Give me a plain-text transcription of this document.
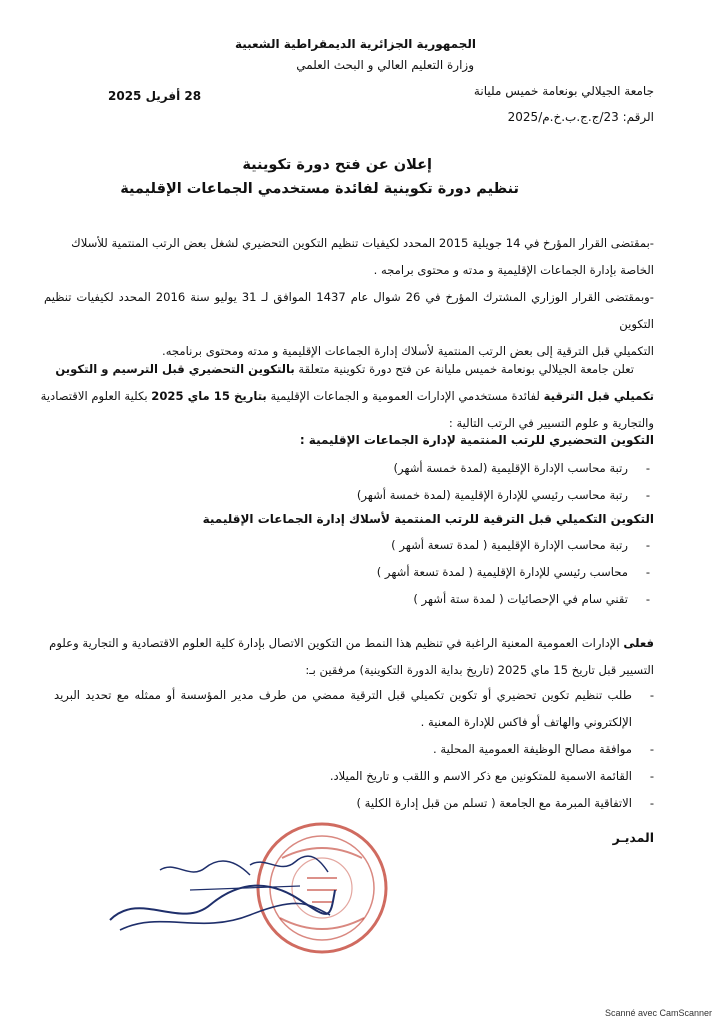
الجمهورية الجزائرية الديمقراطية الشعبية
وزارة التعليم العالي و البحث العلمي
جامعة الجيلالي بونعامة خميس مليانة
الرقم: 23/ج.ج.ب.خ.م/2025
28 أفريل 2025
إعلان عن فتح دورة تكوينية
تنظيم دورة تكوينية لفائدة مستخدمي الجماعات الإقليمية
-بمقتضى القرار المؤرخ في 14 جويلية 2015 المحدد لكيفيات تنظيم التكوين التحضيري لشغل بعض الرتب المنتمية للأسلاك
الخاصة بإدارة الجماعات الإقليمية و مدته و محتوى برامجه .
-وبمقتضى القرار الوزاري المشترك المؤرخ في 26 شوال عام 1437 الموافق لـ 31 يوليو سنة 2016 المحدد لكيفيات تنظيم التكوين
التكميلي قبل الترقية إلى بعض الرتب المنتمية لأسلاك إدارة الجماعات الإقليمية و مدته ومحتوى برنامجه.
تعلن جامعة الجيلالي بونعامة خميس مليانة عن فتح دورة تكوينية متعلقة بالتكوين التحضيري قبل الترسيم و التكوين
تكميلي قبل الترقية لفائدة مستخدمي الإدارات العمومية و الجماعات الإقليمية بتاريخ 15 ماي 2025 بكلية العلوم الاقتصادية
والتجارية و علوم التسيير في الرتب التالية :
التكوين التحضيري للرتب المنتمية لإدارة الجماعات الإقليمية :
- رتبة محاسب الإدارة الإقليمية (لمدة خمسة أشهر)
- رتبة محاسب رئيسي للإدارة الإقليمية (لمدة خمسة أشهر)
التكوين التكميلي قبل الترقية للرتب المنتمية لأسلاك إدارة الجماعات الإقليمية
- رتبة محاسب الإدارة الإقليمية ( لمدة تسعة أشهر )
- محاسب رئيسي للإدارة الإقليمية ( لمدة تسعة أشهر )
- تقني سام في الإحصائيات ( لمدة ستة أشهر )
فعلى الإدارات العمومية المعنية الراغبة في تنظيم هذا النمط من التكوين الاتصال بإدارة كلية العلوم الاقتصادية و التجارية وعلوم
التسيير قبل تاريخ 15 ماي 2025 (تاريخ بداية الدورة التكوينية) مرفقين بـ:
- طلب تنظيم تكوين تحضيري أو تكوين تكميلي قبل الترقية ممضي من طرف مدير المؤسسة أو ممثله مع تحديد البريد الإلكتروني والهاتف أو فاكس للإدارة المعنية .
- موافقة مصالح الوظيفة العمومية المحلية .
- القائمة الاسمية للمتكونين مع ذكر الاسم و اللقب و تاريخ الميلاد.
- الاتفاقية المبرمة مع الجامعة ( تسلم من قبل إدارة الكلية )
المديـر
Scanné avec CamScanner
